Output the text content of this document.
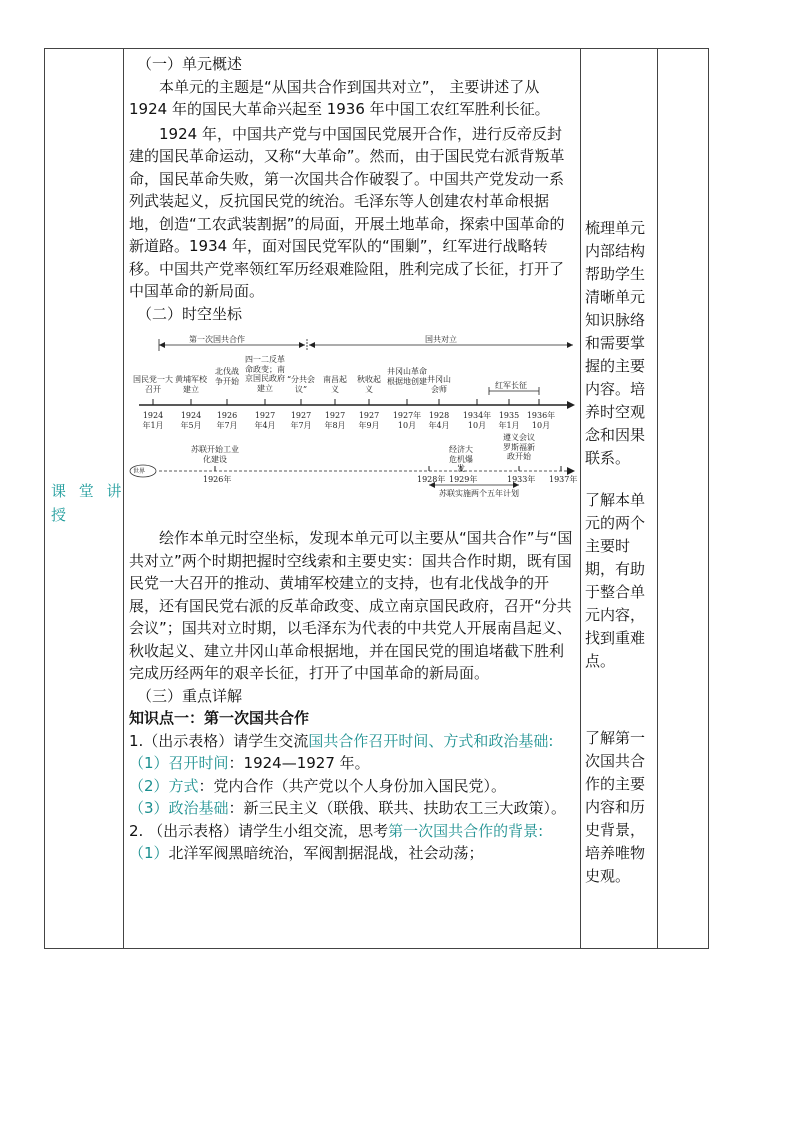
课 堂 讲 授

（一）单元概述

本单元的主题是“从国共合作到国共对立”， 主要讲述了从 1924 年的国民大革命兴起至 1936 年中国工农红军胜利长征。

1924 年，中国共产党与中国国民党展开合作，进行反帝反封建的国民革命运动，又称“大革命”。然而，由于国民党右派背叛革命，国民革命失败，第一次国共合作破裂了。中国共产党发动一系列武装起义，反抗国民党的统治。毛泽东等人创建农村革命根据地，创造“工农武装割据”的局面，开展土地革命，探索中国革命的新道路。1934 年，面对国民党军队的“围剿”，红军进行战略转移。中国共产党率领红军历经艰难险阻，胜利完成了长征，打开了中国革命的新局面。

（二）时空坐标

第一次国共合作	国共对立
国民党一大召开
黄埔军校建立
北伐战争开始
四一二反革命政变；南京国民政府建立
“分共会议”
南昌起义
秋收起义
井冈山革命根据地创建 井冈山会师	红军长征
1924年1月
1924年5月
1926年7月
1927年4月
1927年7月
1927年8月
1927年9月
1927年10月
1928年4月
1934年10月
1935年1月
1936年10月
世界
苏联开始工业化建设
1926年	1928年
经济大危机爆发
1929年
遵义会议 罗斯福新政开始
1933年 1937年
苏联实施两个五年计划

绘作本单元时空坐标，发现本单元可以主要从“国共合作”与“国共对立”两个时期把握时空线索和主要史实：国共合作时期，既有国民党一大召开的推动、黄埔军校建立的支持，也有北伐战争的开展，还有国民党右派的反革命政变、成立南京国民政府，召开“分共会议”；国共对立时期，以毛泽东为代表的中共党人开展南昌起义、秋收起义、建立井冈山革命根据地，并在国民党的围追堵截下胜利完成历经两年的艰辛长征，打开了中国革命的新局面。

（三）重点详解

知识点一：第一次国共合作

1.（出示表格）请学生交流国共合作召开时间、方式和政治基础:

（1）召开时间：1924—1927 年。

（2）方式：党内合作（共产党以个人身份加入国民党）。

（3）政治基础：新三民主义（联俄、联共、扶助农工三大政策）。

2. （出示表格）请学生小组交流，思考第一次国共合作的背景:

（1）北洋军阀黑暗统治，军阀割据混战，社会动荡；

梳理单元内部结构帮助学生清晰单元知识脉络和需要掌握的主要内容。培养时空观念和因果联系。
了解本单元的两个主要时期，有助于整合单元内容，找到重难点。
了解第一次国共合作的主要内容和历史背景，培养唯物史观。
